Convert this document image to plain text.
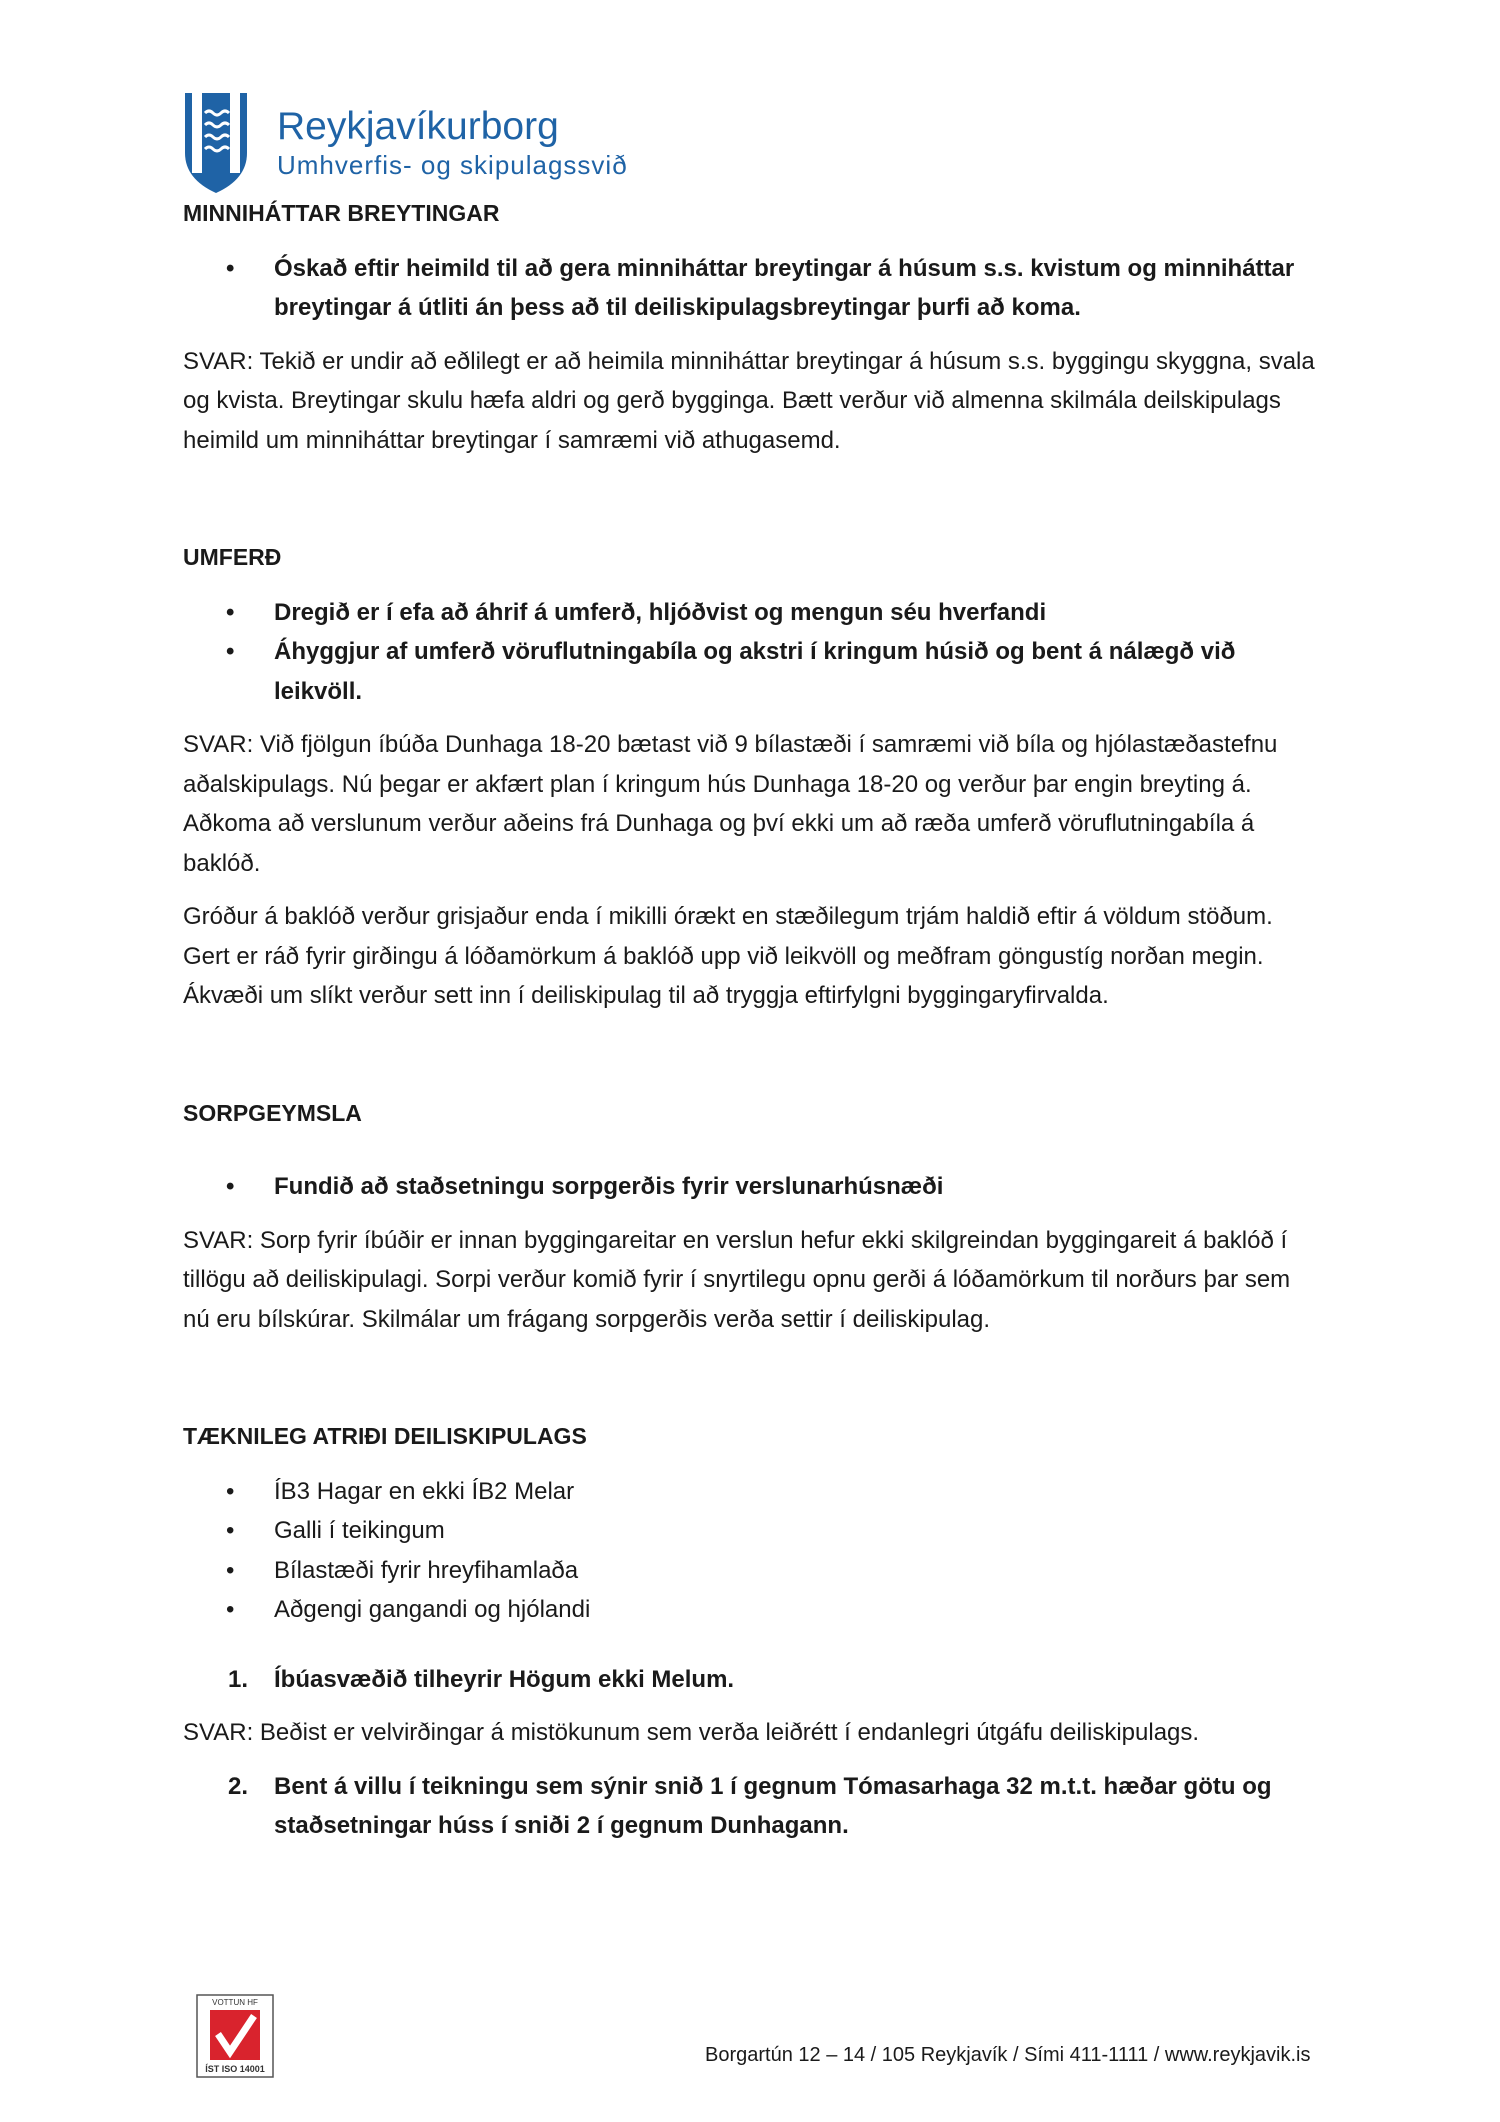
Reykjavíkurborg
Umhverfis- og skipulagssvið

MINNIHÁTTAR BREYTINGAR

• Óskað eftir heimild til að gera minniháttar breytingar á húsum s.s. kvistum og minniháttar breytingar á útliti án þess að til deiliskipulagsbreytingar þurfi að koma.

SVAR: Tekið er undir að eðlilegt er að heimila minniháttar breytingar á húsum s.s. byggingu skyggna, svala og kvista. Breytingar skulu hæfa aldri og gerð bygginga. Bætt verður við almenna skilmála deilskipulags heimild um minniháttar breytingar í samræmi við athugasemd.

UMFERÐ

• Dregið er í efa að áhrif á umferð, hljóðvist og mengun séu hverfandi
• Áhyggjur af umferð vöruflutningabíla og akstri í kringum húsið og bent á nálægð við leikvöll.

SVAR: Við fjölgun íbúða Dunhaga 18-20 bætast við 9 bílastæði í samræmi við bíla og hjólastæðastefnu aðalskipulags. Nú þegar er akfært plan í kringum hús Dunhaga 18-20 og verður þar engin breyting á. Aðkoma að verslunum verður aðeins frá Dunhaga og því ekki um að ræða umferð vöruflutningabíla á baklóð.

Gróður á baklóð verður grisjaður enda í mikilli órækt en stæðilegum trjám haldið eftir á völdum stöðum. Gert er ráð fyrir girðingu á lóðamörkum á baklóð upp við leikvöll og meðfram göngustíg norðan megin. Ákvæði um slíkt verður sett inn í deiliskipulag til að tryggja eftirfylgni byggingaryfirvalda.

SORPGEYMSLA

• Fundið að staðsetningu sorpgerðis fyrir verslunarhúsnæði

SVAR: Sorp fyrir íbúðir er innan byggingareitar en verslun hefur ekki skilgreindan byggingareit á baklóð í tillögu að deiliskipulagi. Sorpi verður komið fyrir í snyrtilegu opnu gerði á lóðamörkum til norðurs þar sem nú eru bílskúrar. Skilmálar um frágang sorpgerðis verða settir í deiliskipulag.

TÆKNILEG ATRIÐI DEILISKIPULAGS

• ÍB3 Hagar en ekki ÍB2 Melar
• Galli í teikingum
• Bílastæði fyrir hreyfihamlaða
• Aðgengi gangandi og hjólandi
1. Íbúasvæðið tilheyrir Högum ekki Melum.

SVAR: Beðist er velvirðingar á mistökunum sem verða leiðrétt í endanlegri útgáfu deiliskipulags.

2. Bent á villu í teikningu sem sýnir snið 1 í gegnum Tómasarhaga 32 m.t.t. hæðar götu og staðsetningar húss í sniði 2 í gegnum Dunhagann.
VOTTUN HF
ÍST ISO 14001
Borgartún 12 – 14 / 105 Reykjavík / Sími 411-1111 / www.reykjavik.is
